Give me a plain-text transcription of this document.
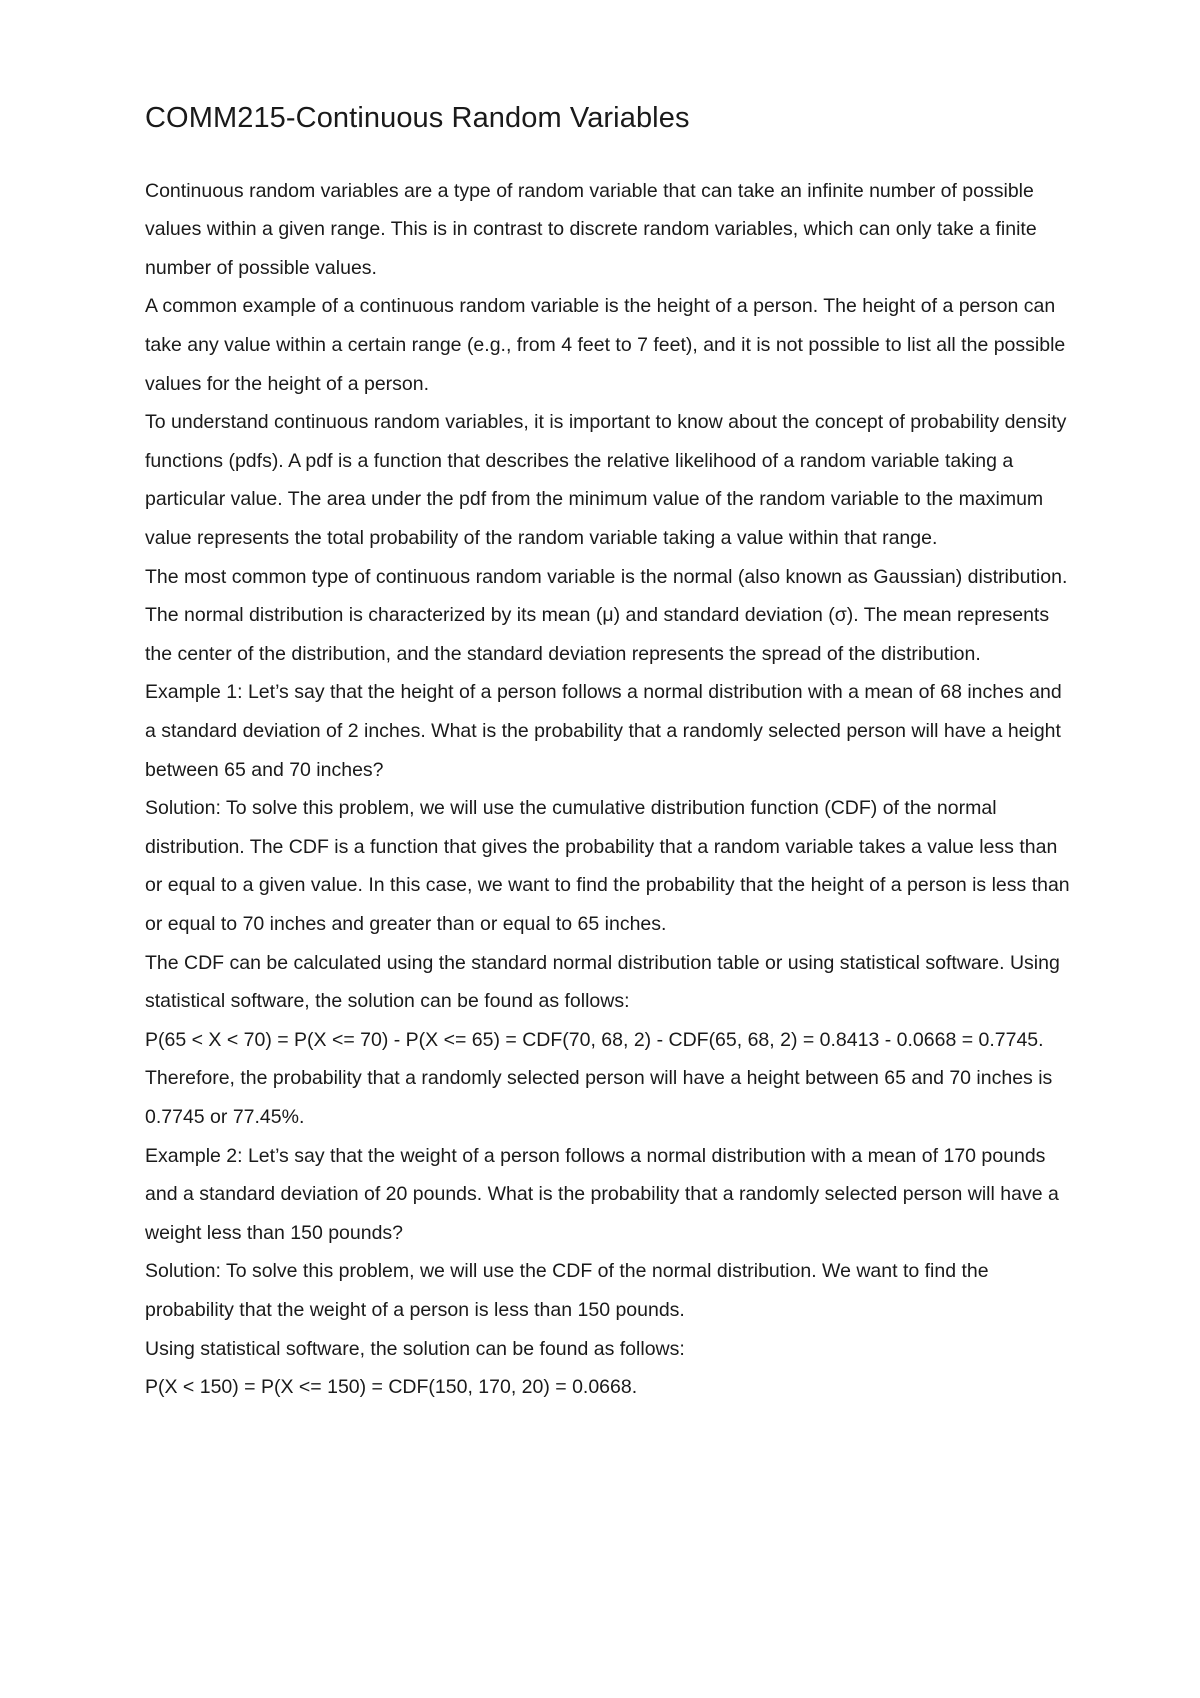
COMM215-Continuous Random Variables

Continuous random variables are a type of random variable that can take an infinite number of possible values within a given range. This is in contrast to discrete random variables, which can only take a finite number of possible values.

A common example of a continuous random variable is the height of a person. The height of a person can take any value within a certain range (e.g., from 4 feet to 7 feet), and it is not possible to list all the possible values for the height of a person.

To understand continuous random variables, it is important to know about the concept of probability density functions (pdfs). A pdf is a function that describes the relative likelihood of a random variable taking a particular value. The area under the pdf from the minimum value of the random variable to the maximum value represents the total probability of the random variable taking a value within that range.

The most common type of continuous random variable is the normal (also known as Gaussian) distribution. The normal distribution is characterized by its mean (μ) and standard deviation (σ). The mean represents the center of the distribution, and the standard deviation represents the spread of the distribution.

Example 1: Let’s say that the height of a person follows a normal distribution with a mean of 68 inches and a standard deviation of 2 inches. What is the probability that a randomly selected person will have a height between 65 and 70 inches?

Solution: To solve this problem, we will use the cumulative distribution function (CDF) of the normal distribution. The CDF is a function that gives the probability that a random variable takes a value less than or equal to a given value. In this case, we want to find the probability that the height of a person is less than or equal to 70 inches and greater than or equal to 65 inches.

The CDF can be calculated using the standard normal distribution table or using statistical software. Using statistical software, the solution can be found as follows:

P(65 < X < 70) = P(X <= 70) - P(X <= 65) = CDF(70, 68, 2) - CDF(65, 68, 2) = 0.8413 - 0.0668 = 0.7745.

Therefore, the probability that a randomly selected person will have a height between 65 and 70 inches is 0.7745 or 77.45%.

Example 2: Let’s say that the weight of a person follows a normal distribution with a mean of 170 pounds and a standard deviation of 20 pounds. What is the probability that a randomly selected person will have a weight less than 150 pounds?

Solution: To solve this problem, we will use the CDF of the normal distribution. We want to find the probability that the weight of a person is less than 150 pounds.

Using statistical software, the solution can be found as follows:

P(X < 150) = P(X <= 150) = CDF(150, 170, 20) = 0.0668.
